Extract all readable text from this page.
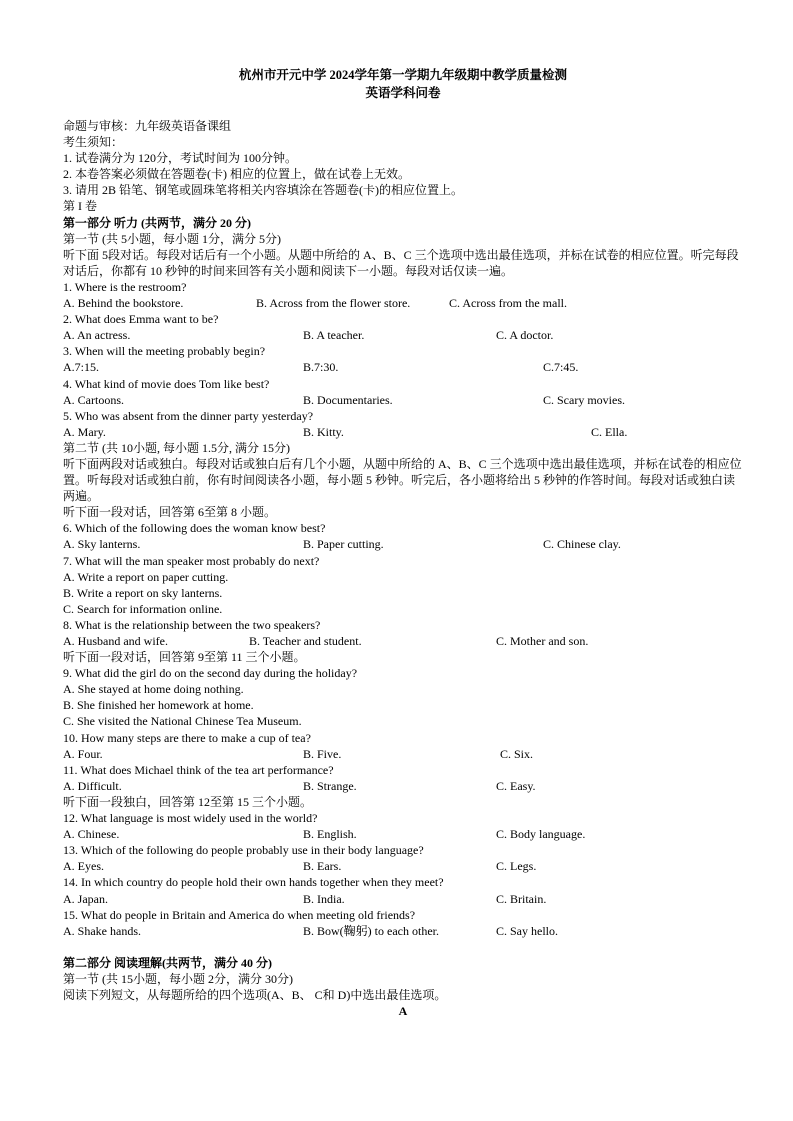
杭州市开元中学 2024学年第一学期九年级期中教学质量检测
英语学科问卷
命题与审核：九年级英语备课组
考生须知：
1. 试卷满分为 120分，考试时间为 100分钟。
2. 本卷答案必须做在答题卷(卡) 相应的位置上，做在试卷上无效。
3. 请用 2B 铅笔、钢笔或圆珠笔将相关内容填涂在答题卷(卡)的相应位置上。
第 I 卷
第一部分 听力 (共两节，满分 20 分)
第一节 (共 5小题，每小题 1分，满分 5分)
听下面 5段对话。每段对话后有一个小题。从题中所给的 A、B、C 三个选项中选出最佳选项，并标在试卷的相应位置。听完每段对话后，你都有 10 秒钟的时间来回答有关小题和阅读下一小题。每段对话仅读一遍。
1. Where is the restroom?
A. Behind the bookstore.	B. Across from the flower store.	C. Across from the mall.
2. What does Emma want to be?
A. An actress.	B. A teacher.	C. A doctor.
3. When will the meeting probably begin?
A.7:15.	B.7:30.	C.7:45.
4. What kind of movie does Tom like best?
A. Cartoons.	B. Documentaries.	C. Scary movies.
5. Who was absent from the dinner party yesterday?
A. Mary.	B. Kitty.	C. Ella.
第二节 (共 10小题, 每小题 1.5分, 满分 15分)
听下面两段对话或独白。每段对话或独白后有几个小题，从题中所给的 A、B、C 三个选项中选出最佳选项，并标在试卷的相应位置。听每段对话或独白前，你有时间阅读各小题，每小题 5 秒钟。听完后，各小题将给出 5 秒钟的作答时间。每段对话或独白读两遍。
听下面一段对话，回答第 6至第 8 小题。
6. Which of the following does the woman know best?
A. Sky lanterns.	B. Paper cutting.	C. Chinese clay.
7. What will the man speaker most probably do next?
A. Write a report on paper cutting.
B. Write a report on sky lanterns.
C. Search for information online.
8. What is the relationship between the two speakers?
A. Husband and wife.	B. Teacher and student.	C. Mother and son.
听下面一段对话，回答第 9至第 11 三个小题。
9. What did the girl do on the second day during the holiday?
A. She stayed at home doing nothing.
B. She finished her homework at home.
C. She visited the National Chinese Tea Museum.
10. How many steps are there to make a cup of tea?
A. Four.	B. Five.	C. Six.
11. What does Michael think of the tea art performance?
A. Difficult.	B. Strange.	C. Easy.
听下面一段独白，回答第 12至第 15 三个小题。
12. What language is most widely used in the world?
A. Chinese.	B. English.	C. Body language.
13. Which of the following do people probably use in their body language?
A. Eyes.	B. Ears.	C. Legs.
14. In which country do people hold their own hands together when they meet?
A. Japan.	B. India.	C. Britain.
15. What do people in Britain and America do when meeting old friends?
A. Shake hands.	B. Bow(鞠躬) to each other.	C. Say hello.
第二部分 阅读理解(共两节，满分 40 分)
第一节 (共 15小题，每小题 2分，满分 30分)
阅读下列短文，从每题所给的四个选项(A、B、 C和 D)中选出最佳选项。
A
